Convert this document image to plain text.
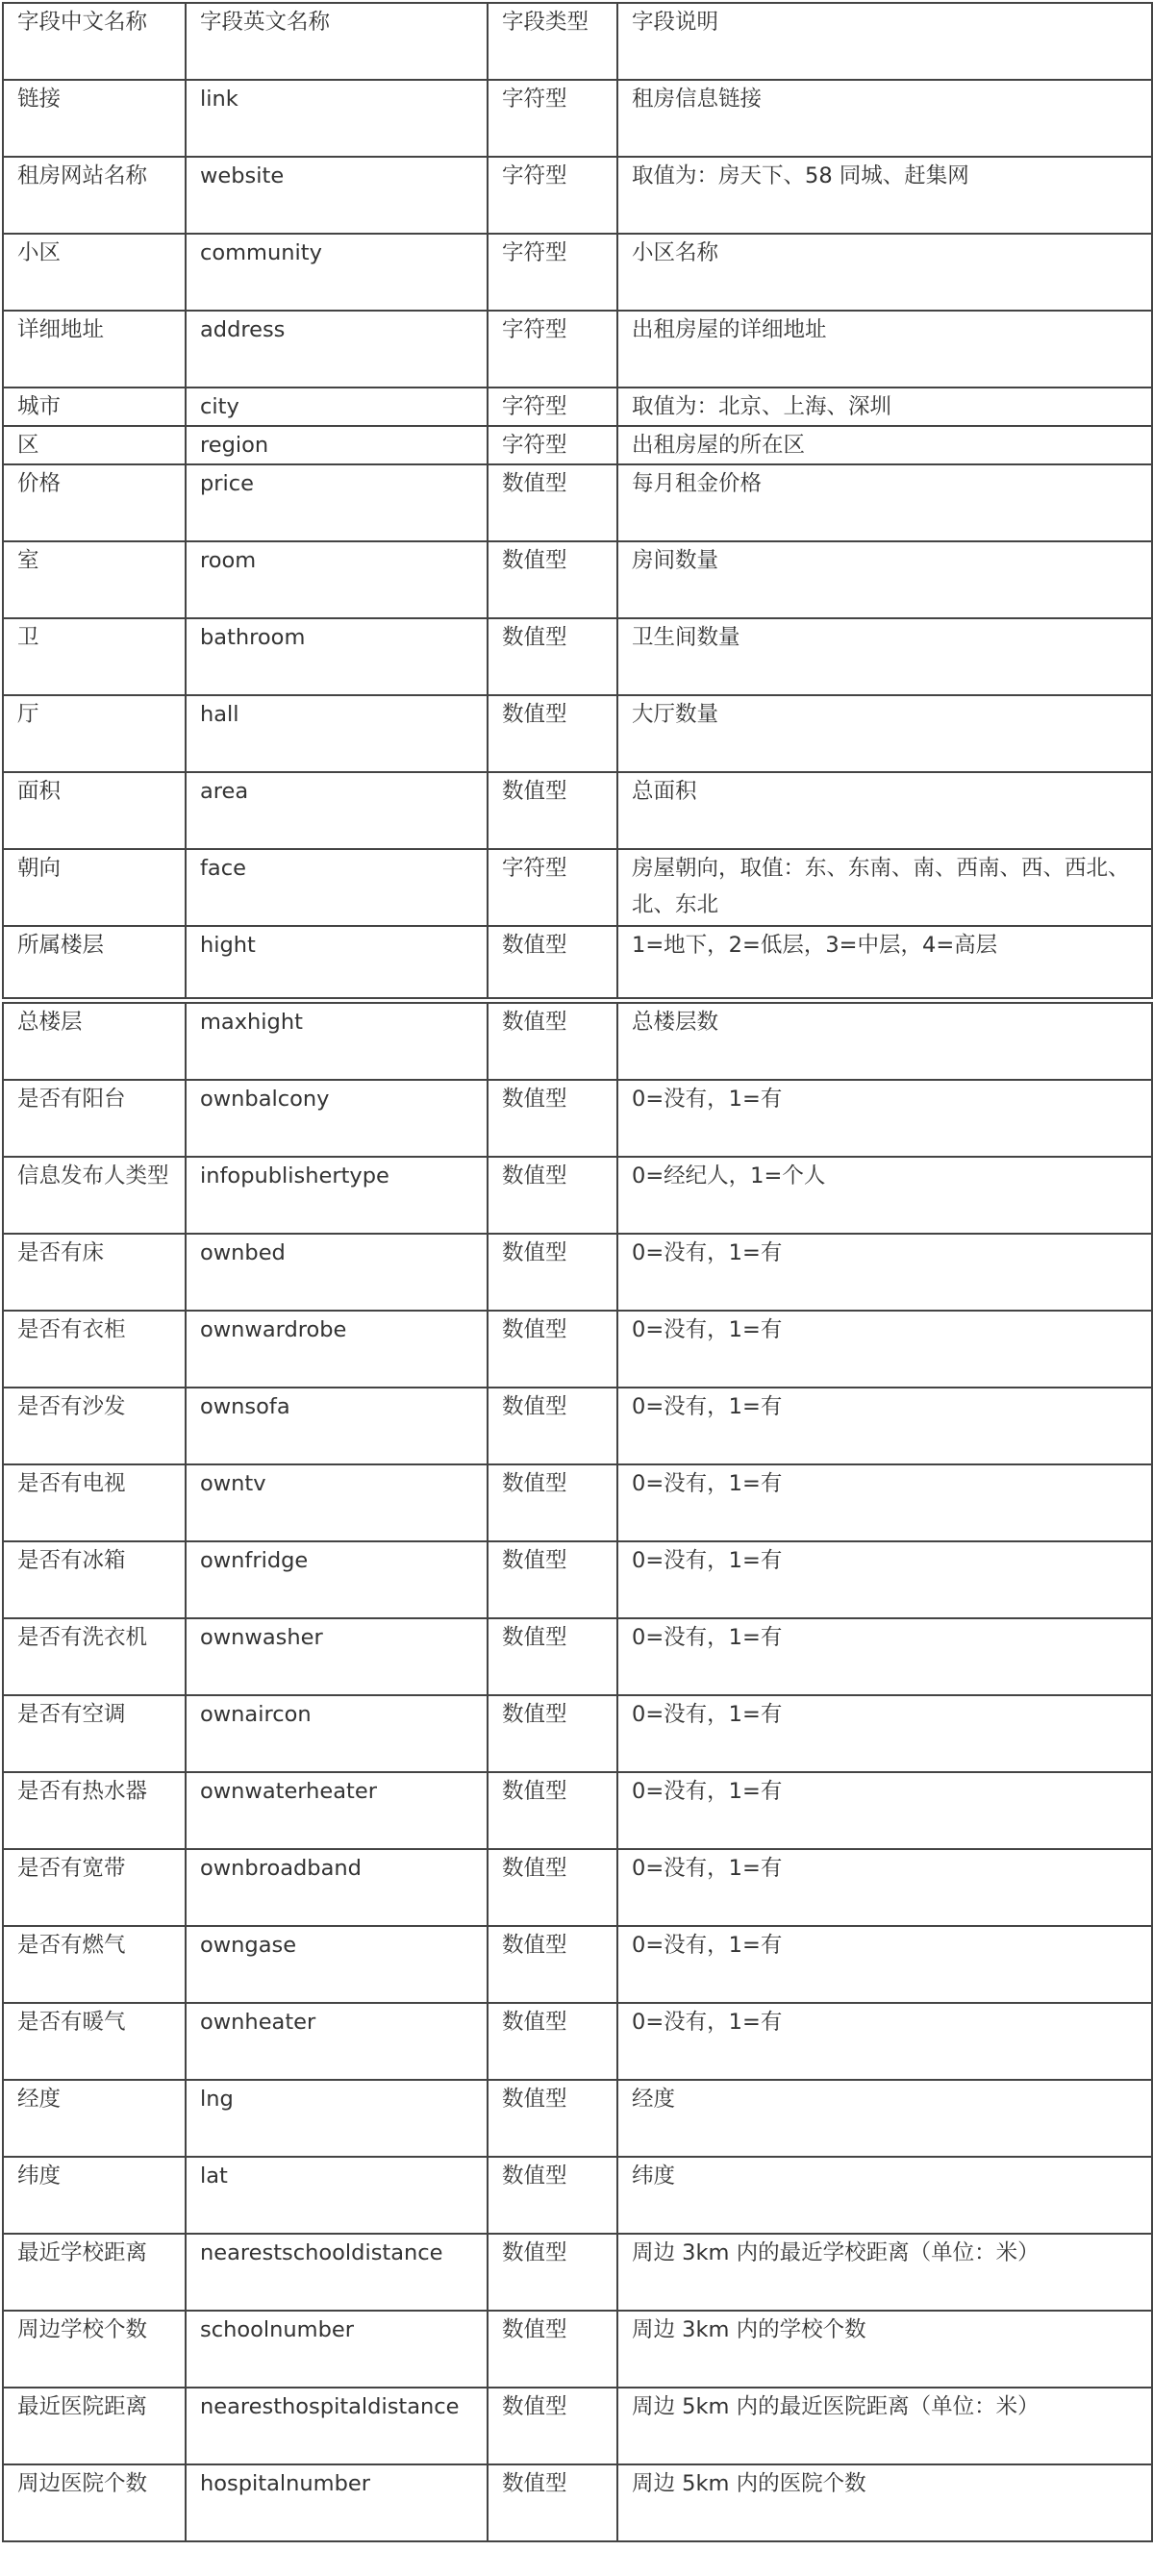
字段中文名称	字段英文名称	字段类型	字段说明
链接	link	字符型	租房信息链接
租房网站名称	website	字符型	取值为：房天下、58 同城、赶集网
小区	community	字符型	小区名称
详细地址	address	字符型	出租房屋的详细地址
城市	city	字符型	取值为：北京、上海、深圳
区	region	字符型	出租房屋的所在区
价格	price	数值型	每月租金价格
室	room	数值型	房间数量
卫	bathroom	数值型	卫生间数量
厅	hall	数值型	大厅数量
面积	area	数值型	总面积
朝向	face	字符型	房屋朝向，取值：东、东南、南、西南、西、西北、北、东北
所属楼层	hight	数值型	1=地下，2=低层，3=中层，4=高层
总楼层	maxhight	数值型	总楼层数
是否有阳台	ownbalcony	数值型	0=没有，1=有
信息发布人类型	infopublishertype	数值型	0=经纪人，1=个人
是否有床	ownbed	数值型	0=没有，1=有
是否有衣柜	ownwardrobe	数值型	0=没有，1=有
是否有沙发	ownsofa	数值型	0=没有，1=有
是否有电视	owntv	数值型	0=没有，1=有
是否有冰箱	ownfridge	数值型	0=没有，1=有
是否有洗衣机	ownwasher	数值型	0=没有，1=有
是否有空调	ownaircon	数值型	0=没有，1=有
是否有热水器	ownwaterheater	数值型	0=没有，1=有
是否有宽带	ownbroadband	数值型	0=没有，1=有
是否有燃气	owngase	数值型	0=没有，1=有
是否有暖气	ownheater	数值型	0=没有，1=有
经度	lng	数值型	经度
纬度	lat	数值型	纬度
最近学校距离	nearestschooldistance	数值型	周边 3km 内的最近学校距离（单位：米）
周边学校个数	schoolnumber	数值型	周边 3km 内的学校个数
最近医院距离	nearesthospitaldistance	数值型	周边 5km 内的最近医院距离（单位：米）
周边医院个数	hospitalnumber	数值型	周边 5km 内的医院个数
